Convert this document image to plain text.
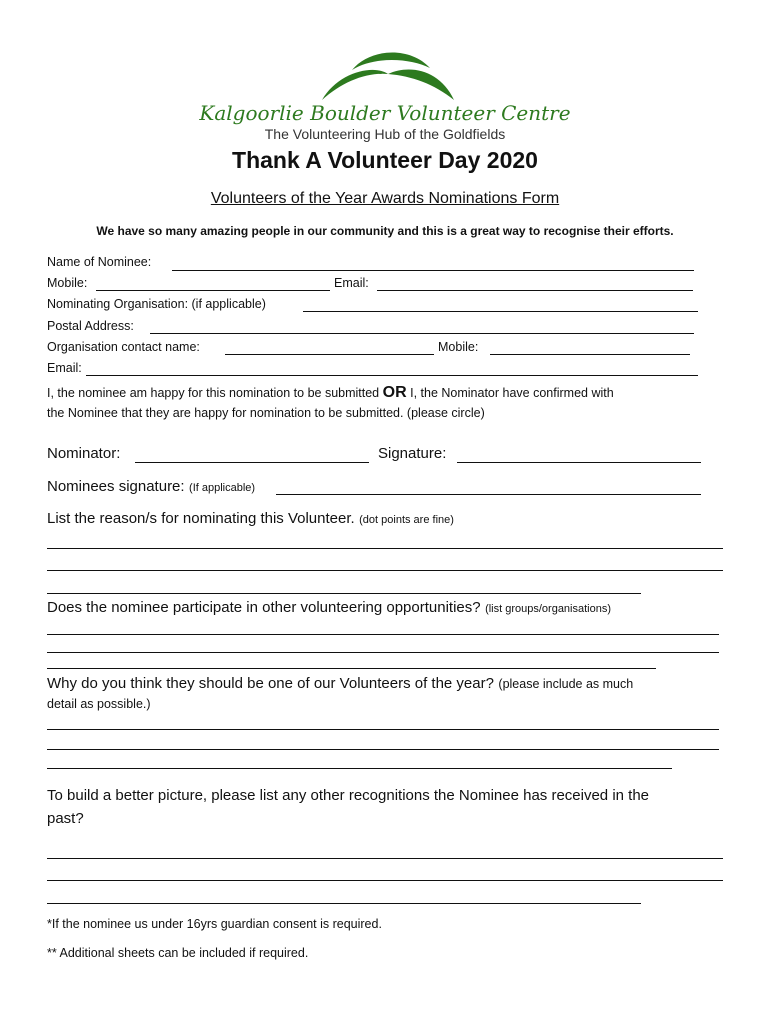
Kalgoorlie Boulder Volunteer Centre
The Volunteering Hub of the Goldfields
Thank A Volunteer Day 2020
Volunteers of the Year Awards Nominations Form
We have so many amazing people in our community and this is a great way to recognise their efforts.
Name of Nominee:
Mobile:	Email:
Nominating Organisation: (if applicable)
Postal Address:
Organisation contact name:	Mobile:
Email:
I, the nominee am happy for this nomination to be submitted OR I, the Nominator have confirmed with
the Nominee that they are happy for nomination to be submitted. (please circle)
Nominator:	Signature:
Nominees signature: (If applicable)
List the reason/s for nominating this Volunteer. (dot points are fine)
Does the nominee participate in other volunteering opportunities? (list groups/organisations)
Why do you think they should be one of our Volunteers of the year? (please include as much
detail as possible.)
To build a better picture, please list any other recognitions the Nominee has received in the
past?
*If the nominee us under 16yrs guardian consent is required.
** Additional sheets can be included if required.
